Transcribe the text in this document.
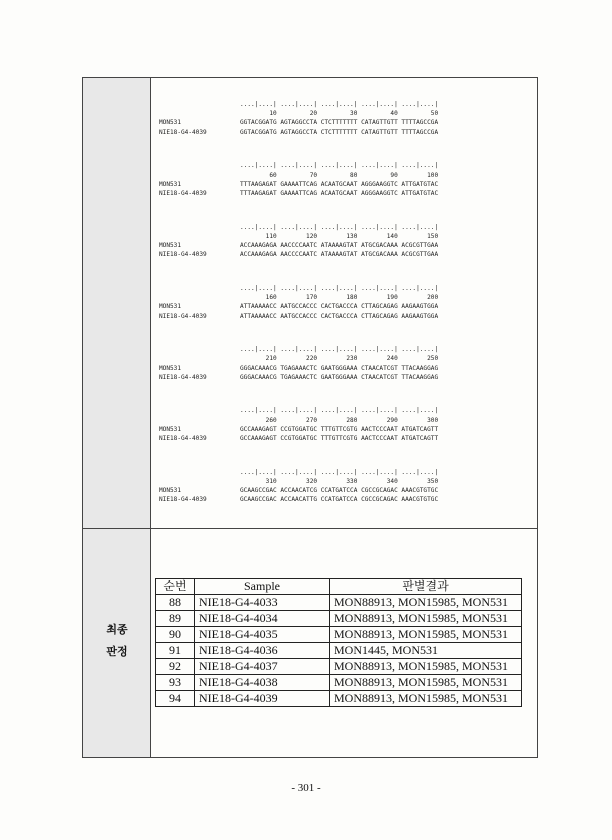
....|....| ....|....| ....|....| ....|....| ....|....|
10         20         30         40         50
MON531	GGTACGGATG AGTAGGCCTA CTCTTTTTTT CATAGTTGTT TTTTAGCCGA
NIE18-G4-4039	GGTACGGATG AGTAGGCCTA CTCTTTTTTT CATAGTTGTT TTTTAGCCGA
....|....| ....|....| ....|....| ....|....| ....|....|
60         70         80         90        100
MON531	TTTAAGAGAT GAAAATTCAG ACAATGCAAT AGGGAAGGTC ATTGATGTAC
NIE18-G4-4039	TTTAAGAGAT GAAAATTCAG ACAATGCAAT AGGGAAGGTC ATTGATGTAC
....|....| ....|....| ....|....| ....|....| ....|....|
110        120        130        140        150
MON531	ACCAAAGAGA AACCCCAATC ATAAAAGTAT ATGCGACAAA ACGCGTTGAA
NIE18-G4-4039	ACCAAAGAGA AACCCCAATC ATAAAAGTAT ATGCGACAAA ACGCGTTGAA
....|....| ....|....| ....|....| ....|....| ....|....|
160        170        180        190        200
MON531	ATTAAAAACC AATGCCACCC CACTGACCCA CTTAGCAGAG AAGAAGTGGA
NIE18-G4-4039	ATTAAAAACC AATGCCACCC CACTGACCCA CTTAGCAGAG AAGAAGTGGA
....|....| ....|....| ....|....| ....|....| ....|....|
210        220        230        240        250
MON531	GGGACAAACG TGAGAAACTC GAATGGGAAA CTAACATCGT TTACAAGGAG
NIE18-G4-4039	GGGACAAACG TGAGAAACTC GAATGGGAAA CTAACATCGT TTACAAGGAG
....|....| ....|....| ....|....| ....|....| ....|....|
260        270        280        290        300
MON531	GCCAAAGAGT CCGTGGATGC TTTGTTCGTG AACTCCCAAT ATGATCAGTT
NIE18-G4-4039	GCCAAAGAGT CCGTGGATGC TTTGTTCGTG AACTCCCAAT ATGATCAGTT
....|....| ....|....| ....|....| ....|....| ....|....|
310        320        330        340        350
MON531	GCAAGCCGAC ACCAACATCG CCATGATCCA CGCCGCAGAC AAACGTGTGC
NIE18-G4-4039	GCAAGCCGAC ACCAACATTG CCATGATCCA CGCCGCAGAC AAACGTGTGC
최종
판정
순번	Sample	판별결과
88	NIE18-G4-4033	MON88913, MON15985, MON531
89	NIE18-G4-4034	MON88913, MON15985, MON531
90	NIE18-G4-4035	MON88913, MON15985, MON531
91	NIE18-G4-4036	MON1445, MON531
92	NIE18-G4-4037	MON88913, MON15985, MON531
93	NIE18-G4-4038	MON88913, MON15985, MON531
94	NIE18-G4-4039	MON88913, MON15985, MON531
- 301 -
